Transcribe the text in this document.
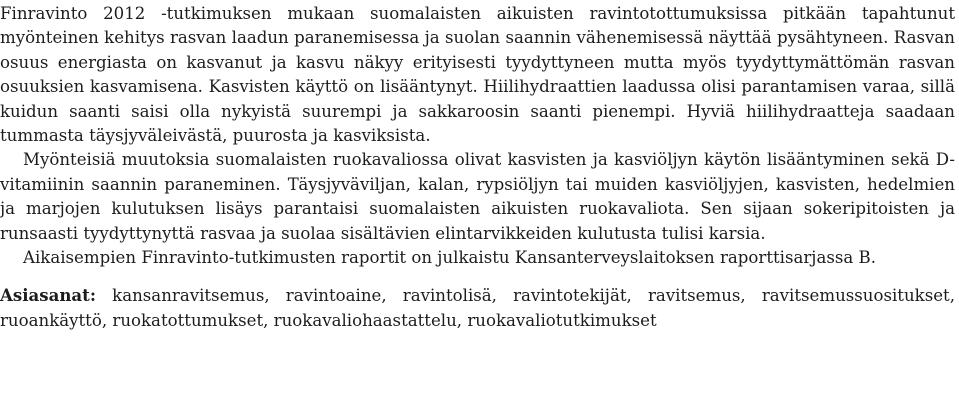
Finravinto 2012 -tutkimuksen mukaan suomalaisten aikuisten ravintotottumuksissa pitkään tapahtunut myönteinen kehitys rasvan laadun paranemisessa ja suolan saannin vähenemisessä näyttää pysähtyneen. Rasvan osuus energiasta on kasvanut ja kasvu näkyy erityisesti tyydyttyneen mutta myös tyydyttymättömän rasvan osuuksien kasvamisena. Kasvisten käyttö on lisääntynyt. Hiilihydraattien laadussa olisi parantamisen varaa, sillä kuidun saanti saisi olla nykyistä suurempi ja sakkaroosin saanti pienempi. Hyviä hiilihydraatteja saadaan tummasta täysjyväleivästä, puurosta ja kasviksista.

Myönteisiä muutoksia suomalaisten ruokavaliossa olivat kasvisten ja kasviöljyn käytön lisääntyminen sekä D-vitamiinin saannin paraneminen. Täysjyväviljan, kalan, rypsiöljyn tai muiden kasviöljyjen, kasvisten, hedelmien ja marjojen kulutuksen lisäys parantaisi suomalaisten aikuisten ruokavaliota. Sen sijaan sokeripitoisten ja runsaasti tyydyttynyttä rasvaa ja suolaa sisältävien elintarvikkeiden kulutusta tulisi karsia.

Aikaisempien Finravinto-tutkimusten raportit on julkaistu Kansanterveyslaitoksen raporttisarjassa B.

Asiasanat: kansanravitsemus, ravintoaine, ravintolisä, ravintotekijät, ravitsemus, ravitsemussuositukset, ruoankäyttö, ruokatottumukset, ruokavaliohaastattelu, ruokavaliotutkimukset
